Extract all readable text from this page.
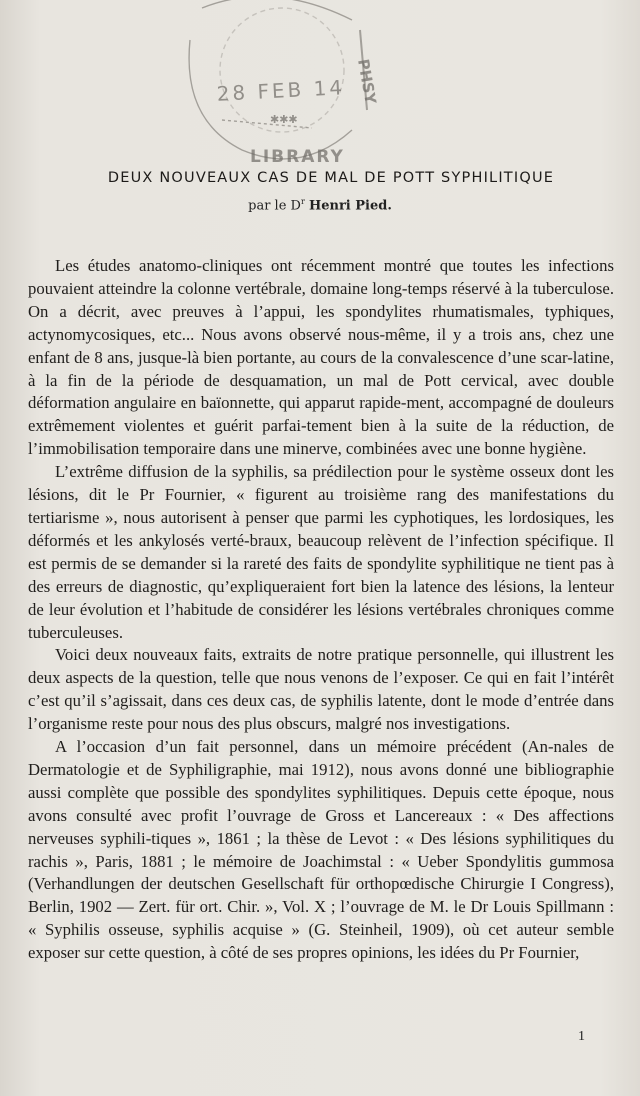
28 FEB 14
LIBRARY
PHSY
✱✱✱
DEUX NOUVEAUX CAS DE MAL DE POTT SYPHILITIQUE
par le $D^r$ Henri Pied.

Les études anatomo-cliniques ont récemment montré que toutes les infections pouvaient atteindre la colonne vertébrale, domaine long-temps réservé à la tuberculose. On a décrit, avec preuves à l’appui, les spondylites rhumatismales, typhiques, actynomycosiques, etc... Nous avons observé nous-même, il y a trois ans, chez une enfant de 8 ans, jusque-là bien portante, au cours de la convalescence d’une scar-latine, à la fin de la période de desquamation, un mal de Pott cervical, avec double déformation angulaire en baïonnette, qui apparut rapide-ment, accompagné de douleurs extrêmement violentes et guérit parfai-tement bien à la suite de la réduction, de l’immobilisation temporaire dans une minerve, combinées avec une bonne hygiène.

L’extrême diffusion de la syphilis, sa prédilection pour le système osseux dont les lésions, dit le Pr Fournier, « figurent au troisième rang des manifestations du tertiarisme », nous autorisent à penser que parmi les cyphotiques, les lordosiques, les déformés et les ankylosés verté-braux, beaucoup relèvent de l’infection spécifique. Il est permis de se demander si la rareté des faits de spondylite syphilitique ne tient pas à des erreurs de diagnostic, qu’expliqueraient fort bien la latence des lésions, la lenteur de leur évolution et l’habitude de considérer les lésions vertébrales chroniques comme tuberculeuses.

Voici deux nouveaux faits, extraits de notre pratique personnelle, qui illustrent les deux aspects de la question, telle que nous venons de l’exposer. Ce qui en fait l’intérêt c’est qu’il s’agissait, dans ces deux cas, de syphilis latente, dont le mode d’entrée dans l’organisme reste pour nous des plus obscurs, malgré nos investigations.

A l’occasion d’un fait personnel, dans un mémoire précédent (An-nales de Dermatologie et de Syphiligraphie, mai 1912), nous avons donné une bibliographie aussi complète que possible des spondylites syphilitiques. Depuis cette époque, nous avons consulté avec profit l’ouvrage de Gross et Lancereaux : « Des affections nerveuses syphili-tiques », 1861 ; la thèse de Levot : « Des lésions syphilitiques du rachis », Paris, 1881 ; le mémoire de Joachimstal : « Ueber Spondylitis gummosa (Verhandlungen der deutschen Gesellschaft für orthopœdische Chirurgie I Congress), Berlin, 1902 — Zert. für ort. Chir. », Vol. X ; l’ouvrage de M. le Dr Louis Spillmann : « Syphilis osseuse, syphilis acquise » (G. Steinheil, 1909), où cet auteur semble exposer sur cette question, à côté de ses propres opinions, les idées du Pr Fournier,

1
